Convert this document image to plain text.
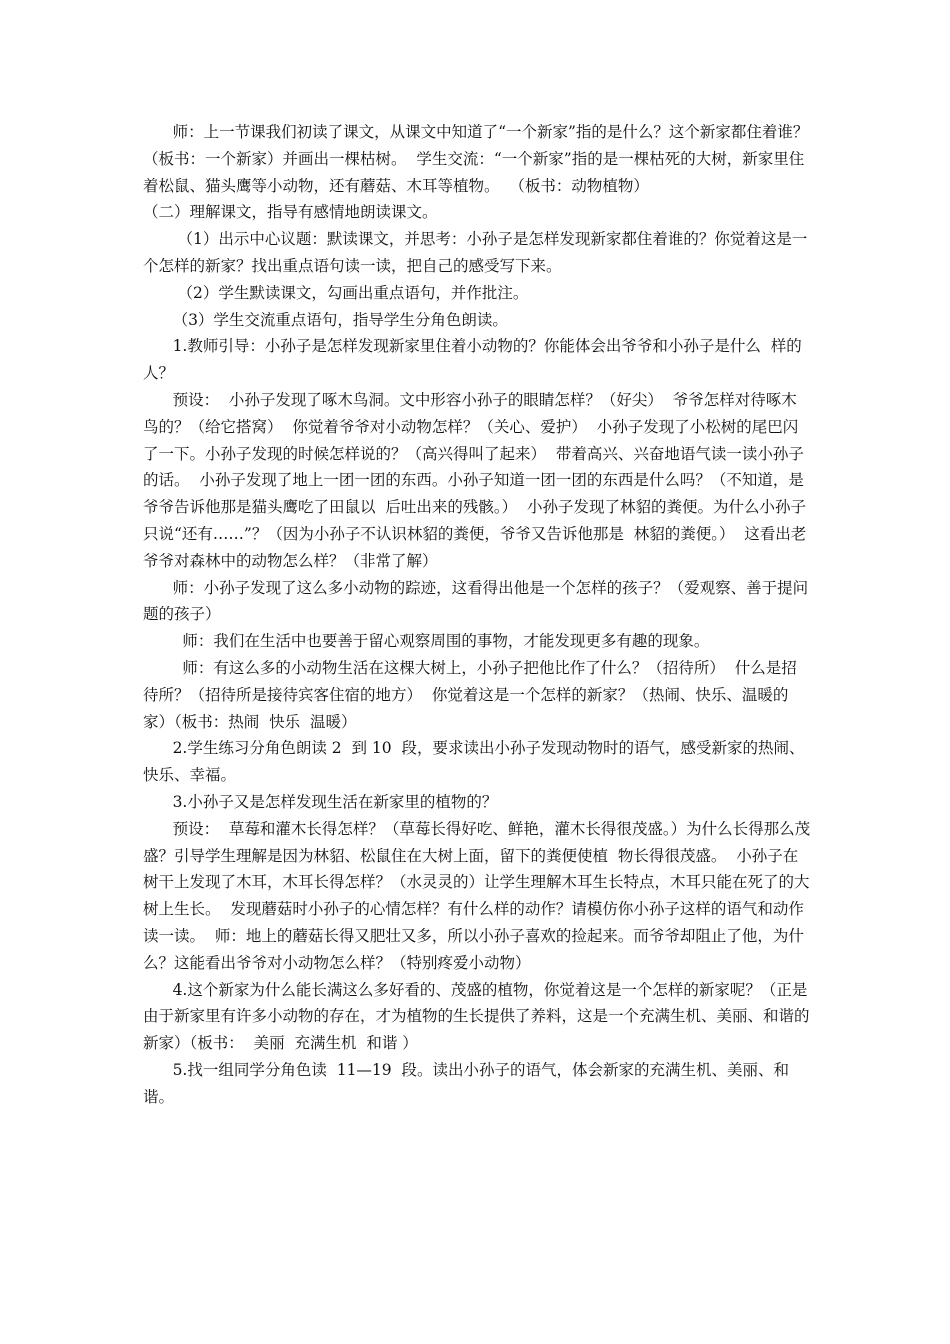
师：上一节课我们初读了课文，从课文中知道了“一个新家”指的是什么？这个新家都住着谁？  （板书：一个新家）并画出一棵枯树。  学生交流：“一个新家”指的是一棵枯死的大树，新家里住着松鼠、猫头鹰等小动物，还有蘑菇、木耳等植物。  （板书：动物植物）

（二）理解课文，指导有感情地朗读课文。

（1）出示中心议题：默读课文，并思考：小孙子是怎样发现新家都住着谁的？你觉着这是一个怎样的新家？找出重点语句读一读，把自己的感受写下来。

（2）学生默读课文，勾画出重点语句，并作批注。

（3）学生交流重点语句，指导学生分角色朗读。

1.教师引导：小孙子是怎样发现新家里住着小动物的？你能体会出爷爷和小孙子是什么  样的人？

预设：  小孙子发现了啄木鸟洞。文中形容小孙子的眼睛怎样？（好尖）  爷爷怎样对待啄木鸟的？（给它搭窝）  你觉着爷爷对小动物怎样？（关心、爱护）  小孙子发现了小松树的尾巴闪了一下。小孙子发现的时候怎样说的？（高兴得叫了起来）  带着高兴、兴奋地语气读一读小孙子的话。  小孙子发现了地上一团一团的东西。小孙子知道一团一团的东西是什么吗？（不知道，是爷爷告诉他那是猫头鹰吃了田鼠以  后吐出来的残骸。）  小孙子发现了林貂的粪便。为什么小孙子只说“还有……”？（因为小孙子不认识林貂的粪便，爷爷又告诉他那是  林貂的粪便。）  这看出老爷爷对森林中的动物怎么样？（非常了解）

师：小孙子发现了这么多小动物的踪迹，这看得出他是一个怎样的孩子？（爱观察、善于提问题的孩子）

师：我们在生活中也要善于留心观察周围的事物，才能发现更多有趣的现象。

师：有这么多的小动物生活在这棵大树上，小孙子把他比作了什么？（招待所）  什么是招待所？（招待所是接待宾客住宿的地方）  你觉着这是一个怎样的新家？（热闹、快乐、温暖的家）（板书：热闹  快乐  温暖）

2.学生练习分角色朗读 2  到 10  段，要求读出小孙子发现动物时的语气，感受新家的热闹、快乐、幸福。

3.小孙子又是怎样发现生活在新家里的植物的？

预设：  草莓和灌木长得怎样？（草莓长得好吃、鲜艳，灌木长得很茂盛。）为什么长得那么茂盛？引导学生理解是因为林貂、松鼠住在大树上面，留下的粪便使植  物长得很茂盛。  小孙子在树干上发现了木耳，木耳长得怎样？（水灵灵的）让学生理解木耳生长特点，木耳只能在死了的大树上生长。  发现蘑菇时小孙子的心情怎样？有什么样的动作？请模仿你小孙子这样的语气和动作读一读。  师：地上的蘑菇长得又肥壮又多，所以小孙子喜欢的捡起来。而爷爷却阻止了他，为什  么？这能看出爷爷对小动物怎么样？（特别疼爱小动物）

4.这个新家为什么能长满这么多好看的、茂盛的植物，你觉着这是一个怎样的新家呢？（正是由于新家里有许多小动物的存在，才为植物的生长提供了养料，这是一个充满生机、美丽、和谐的新家）（板书：  美丽  充满生机  和谐 ）

5.找一组同学分角色读  11—19  段。读出小孙子的语气，体会新家的充满生机、美丽、和谐。
